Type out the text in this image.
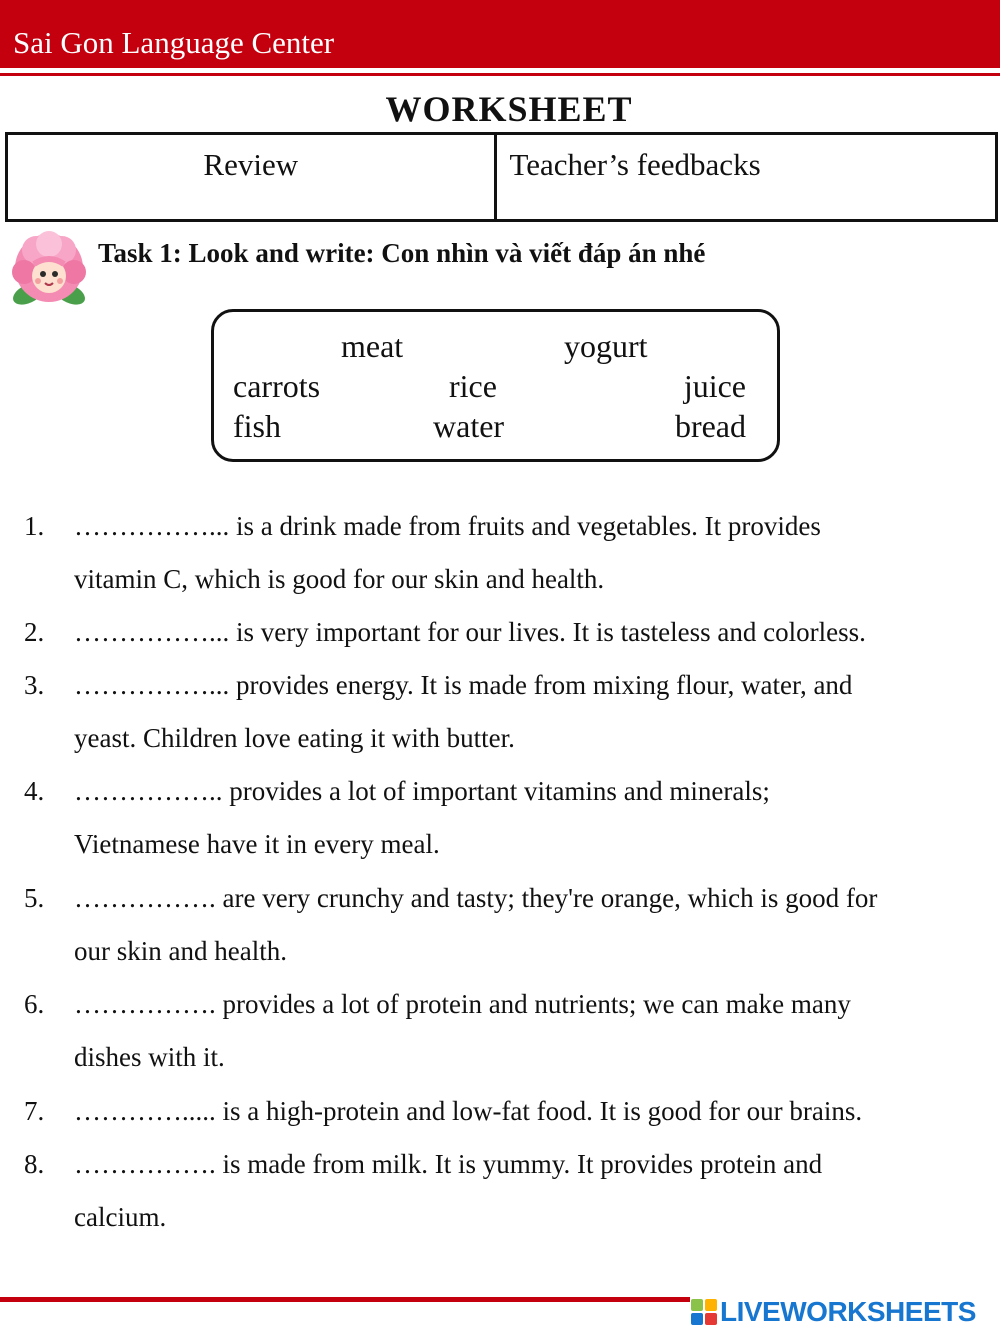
Sai Gon Language Center
WORKSHEET
Review	Teacher’s feedbacks
Task 1: Look and write: Con nhìn và viết đáp án nhé
meat	yogurt
carrots	rice	juice
fish	water	bread
1. ……………... is a drink made from fruits and vegetables. It provides
vitamin C, which is good for our skin and health.
2. ……………... is very important for our lives. It is tasteless and colorless.
3. ……………... provides energy. It is made from mixing flour, water, and
yeast. Children love eating it with butter.
4. …………….. provides a lot of important vitamins and minerals;
Vietnamese have it in every meal.
5. ……………. are very crunchy and tasty; they're orange, which is good for
our skin and health.
6. ……………. provides a lot of protein and nutrients; we can make many
dishes with it.
7. …………..... is a high-protein and low-fat food. It is good for our brains.
8. ……………. is made from milk. It is yummy. It provides protein and
calcium.
LIVEWORKSHEETS
